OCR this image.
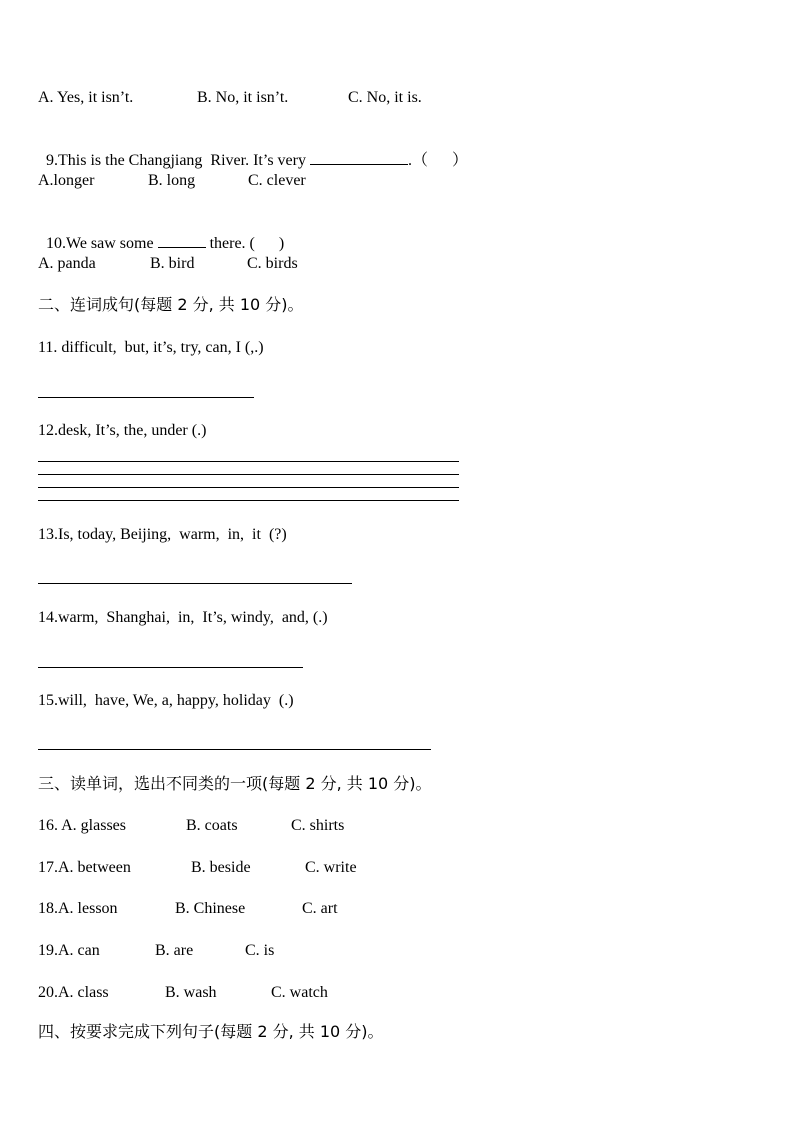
A. Yes, it isn’t.	B. No, it isn’t.	C. No, it is.

9.This is the Changjiang  River. It’s very	.（      ）

A.longer	B. long	C. clever

10.We saw some	there. (      )

A. panda	B. bird	C. birds
二、连词成句(每题 2 分, 共 10 分)。
11. difficult,  but, it’s, try, can, I (,.)
12.desk, It’s, the, under (.)
13.Is, today, Beijing,  warm,  in,  it  (?)
14.warm,  Shanghai,  in,  It’s, windy,  and, (.)
15.will,  have, We, a, happy, holiday  (.)
三、读单词，选出不同类的一项(每题 2 分, 共 10 分)。
16. A. glasses	B. coats	C. shirts
17.A. between	B. beside	C. write
18.A. lesson	B. Chinese	C. art
19.A. can	B. are	C. is
20.A. class	B. wash	C. watch
四、按要求完成下列句子(每题 2 分, 共 10 分)。
